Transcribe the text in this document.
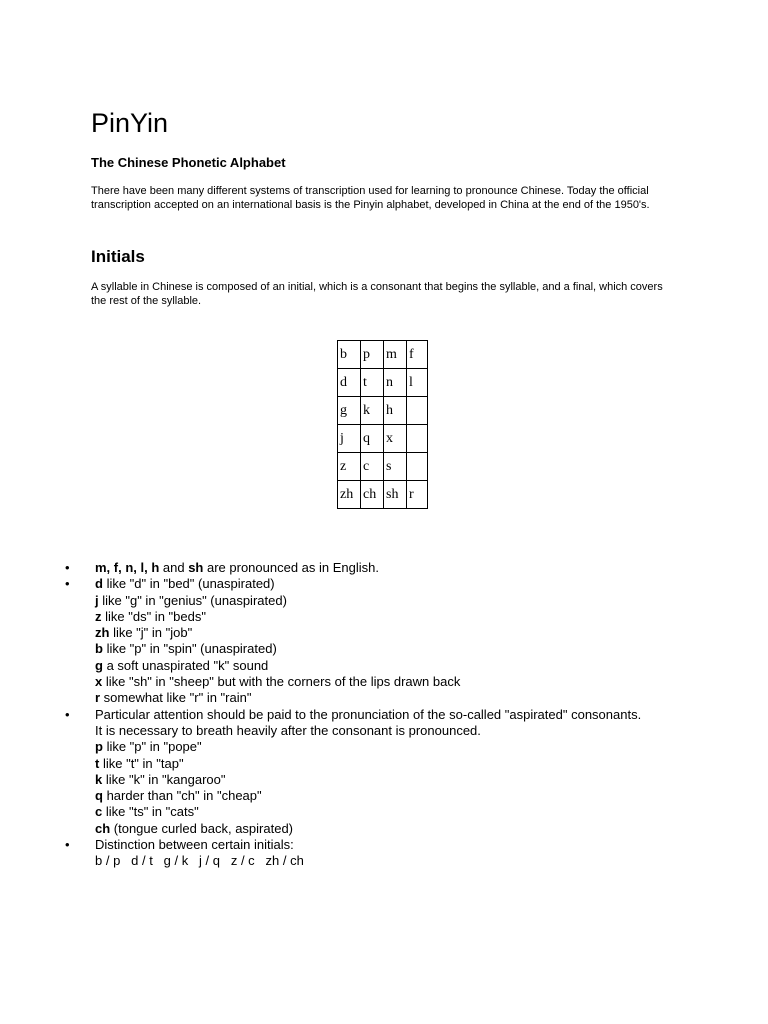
PinYin
The Chinese Phonetic Alphabet

There have been many different systems of transcription used for learning to pronounce Chinese. Today the official transcription accepted on an international basis is the Pinyin alphabet, developed in China at the end of the 1950's.

Initials

A syllable in Chinese is composed of an initial, which is a consonant that begins the syllable, and a final, which covers the rest of the syllable.

b	p	m	f
d	t	n	l
g	k	h	
j	q	x	
z	c	s	
zh	ch	sh	r
• m, f, n, l, h and sh are pronounced as in English.
• d like "d" in "bed" (unaspirated)
j like "g" in "genius" (unaspirated)
z like "ds" in "beds"
zh like "j" in "job"
b like "p" in "spin" (unaspirated)
g a soft unaspirated "k" sound
x like "sh" in "sheep" but with the corners of the lips drawn back
r somewhat like "r" in "rain"
• Particular attention should be paid to the pronunciation of the so-called "aspirated" consonants.
It is necessary to breath heavily after the consonant is pronounced.
p like "p" in "pope"
t like "t" in "tap"
k like "k" in "kangaroo"
q harder than "ch" in "cheap"
c like "ts" in "cats"
ch (tongue curled back, aspirated)
• Distinction between certain initials:
b / p   d / t   g / k   j / q   z / c   zh / ch
